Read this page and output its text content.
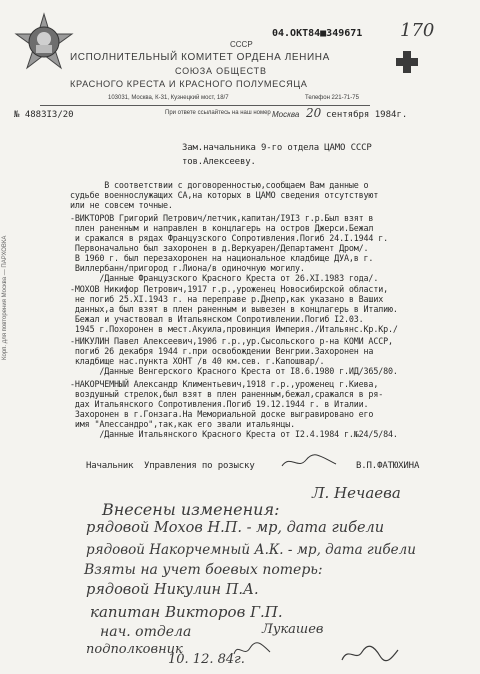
СССР
ИСПОЛНИТЕЛЬНЫЙ КОМИТЕТ ОРДЕНА ЛЕНИНА
СОЮЗА ОБЩЕСТВ
КРАСНОГО КРЕСТА И КРАСНОГО ПОЛУМЕСЯЦА
103031, Москва, К-31, Кузнецкий мост, 18/7	Телефон 221-71-75
04.ОКТ84■349671 170
№ 4883I3/20	При ответе ссылайтесь на наш номер Москва 20 сентября 1984г.
Корп. для повторения Москва — ПАРХОВКА
Зам.начальника 9-го отдела ЦАМО СССР
тов.Алексееву.
В соответствии с договоренностью,сообщаем Вам данные о
судьбе военнослужащих СА,на которых в ЦАМО сведения отсутствуют
или не совсем точные.
-ВИКТОРОВ Григорий Петрович/летчик,капитан/I9I3 г.р.Был взят в
плен раненным и направлен в концлагерь на остров Джерси.Бежал
и сражался в рядах Французского Сопротивления.Погиб 24.I.1944 г.
Первоначально был захоронен в д.Веркуарен/Департамент Дром/.
В 1960 г. был перезахоронен на национальное кладбище ДУА,в г.
Виллербанн/пригород г.Лиона/в одиночную могилу.
/Данные Французского Красного Креста от 26.XI.1983 года/.
-МОХОВ Никифор Петрович,1917 г.р.,уроженец Новосибирской области,
не погиб 25.XI.1943 г. на переправе р.Днепр,как указано в Ваших
данных,а был взят в плен раненным и вывезен в концлагерь в Италию.
Бежал и участвовал в Итальянском Сопротивлении.Погиб I2.03.
1945 г.Похоронен в мест.Акуила,провинция Империя./Итальянс.Кр.Кр./
-НИКУЛИН Павел Алексеевич,1906 г.р.,ур.Сысольского р-на КОМИ АССР,
погиб 26 декабря 1944 г.при освобождении Венгрии.Захоронен на
кладбище нас.пункта ХОНТ /в 40 км.сев. г.Капошвар/.
/Данные Венгерского Красного Креста от I8.6.1980 г.ИД/365/80.
-НАКОРЧЕМНЫЙ Александр Климентьевич,1918 г.р.,уроженец г.Киева,
воздушный стрелок,был взят в плен раненным,бежал,сражался в ря-
дах Итальянского Сопротивления.Погиб 19.12.1944 г. в Италии.
Захоронен в г.Гонзага.На Мемориальной доске выгравировано его
имя "Алессандро",так,как его звали итальянцы.
/Данные Итальянского Красного Креста от I2.4.1984 г.№24/5/84.
Начальник  Управления по розыску	В.П.ФАТЮХИНА
Л. Нечаева
Внесены изменения:
рядовой Мохов Н.П. - мр, дата гибели
рядовой Накорчемный А.К. - мр, дата гибели
Взяты на учет боевых потерь:
рядовой Никулин П.А.
капитан Викторов Г.П.
нач. отдела
подполковник
Лукашев
10. 12. 84г.
